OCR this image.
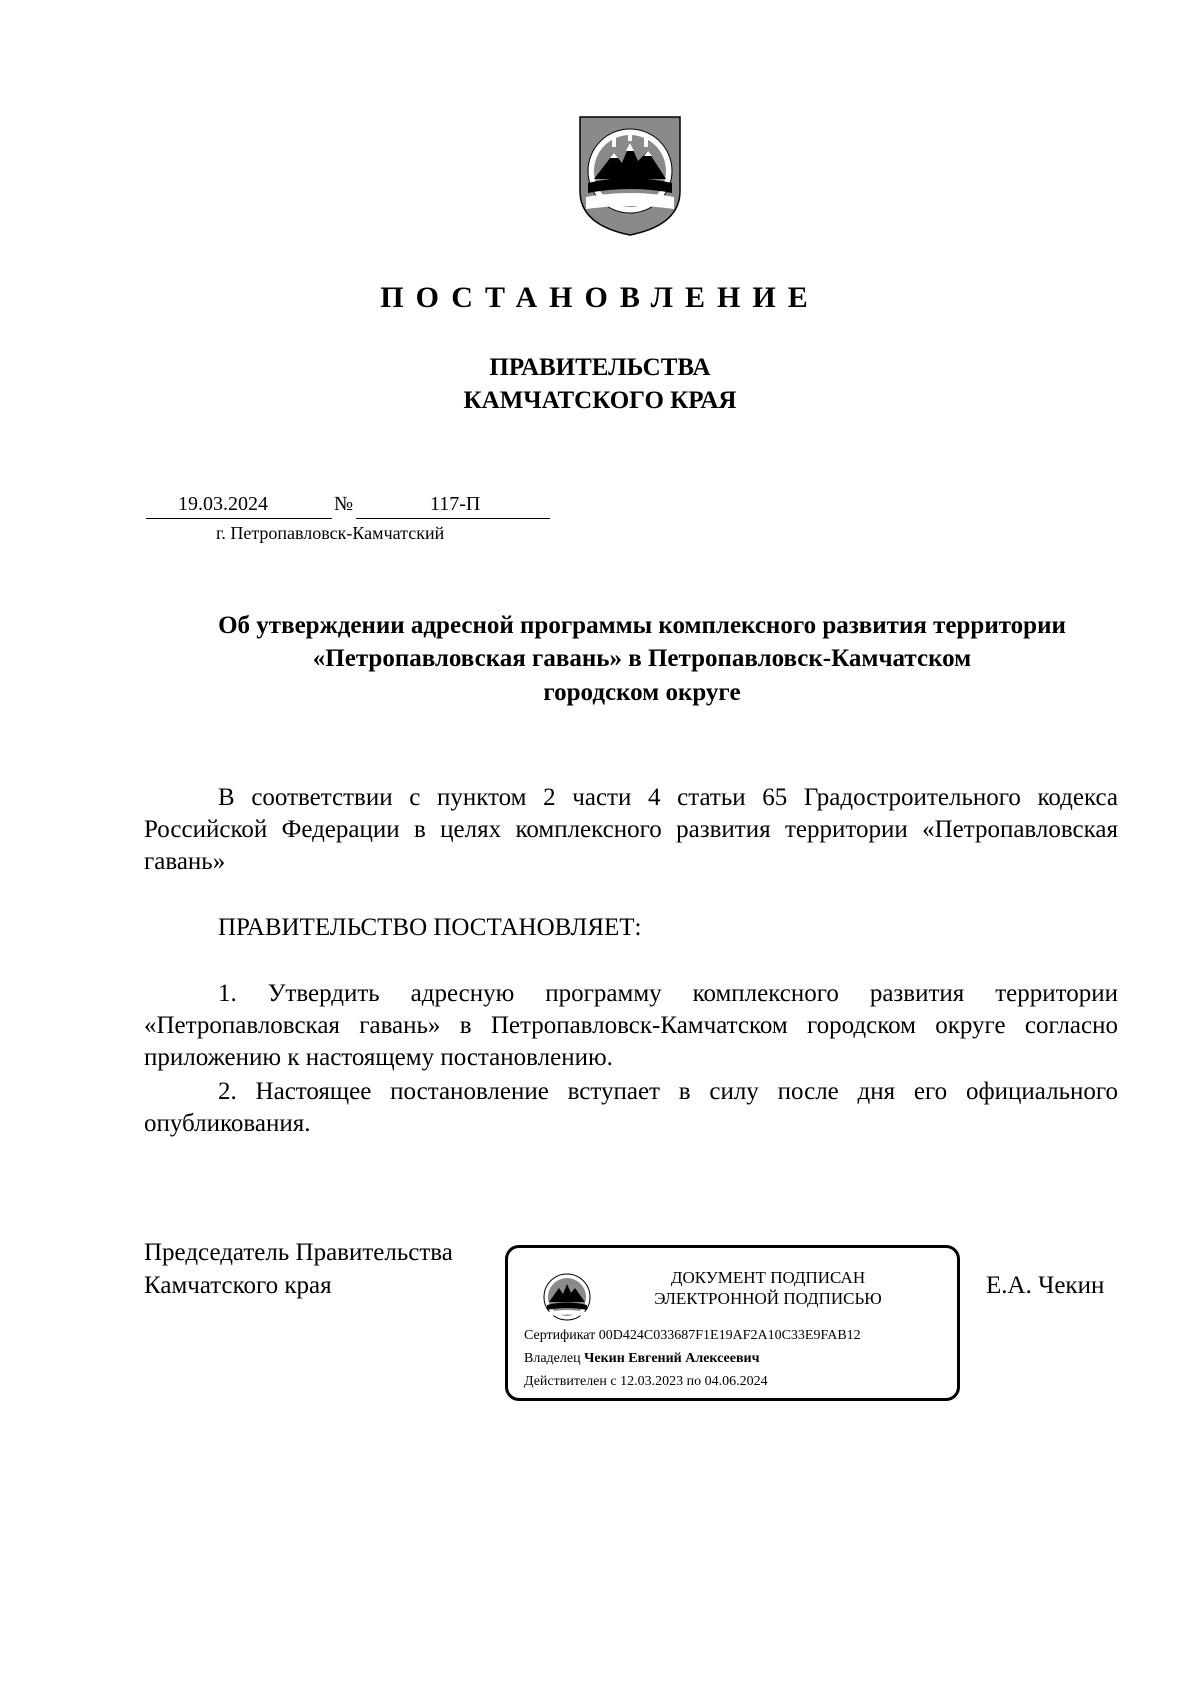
ПОСТАНОВЛЕНИЕ
ПРАВИТЕЛЬСТВА
КАМЧАТСКОГО КРАЯ
19.03.2024	№	117-П
г. Петропавловск-Камчатский
Об утверждении адресной программы комплексного развития территории
«Петропавловская гавань» в Петропавловск-Камчатском
городском округе
В соответствии с пунктом 2 части 4 статьи 65 Градостроительного кодекса Российской Федерации в целях комплексного развития территории «Петропавловская гавань»
ПРАВИТЕЛЬСТВО ПОСТАНОВЛЯЕТ:
1. Утвердить адресную программу комплексного развития территории «Петропавловская гавань» в Петропавловск-Камчатском городском округе согласно приложению к настоящему постановлению.
2. Настоящее постановление вступает в силу после дня его официального опубликования.
Председатель Правительства
Камчатского края	Е.А. Чекин
ДОКУМЕНТ ПОДПИСАН
ЭЛЕКТРОННОЙ ПОДПИСЬЮ
Сертификат 00D424C033687F1E19AF2A10C33E9FAB12
Владелец Чекин Евгений Алексеевич
Действителен с 12.03.2023 по 04.06.2024
